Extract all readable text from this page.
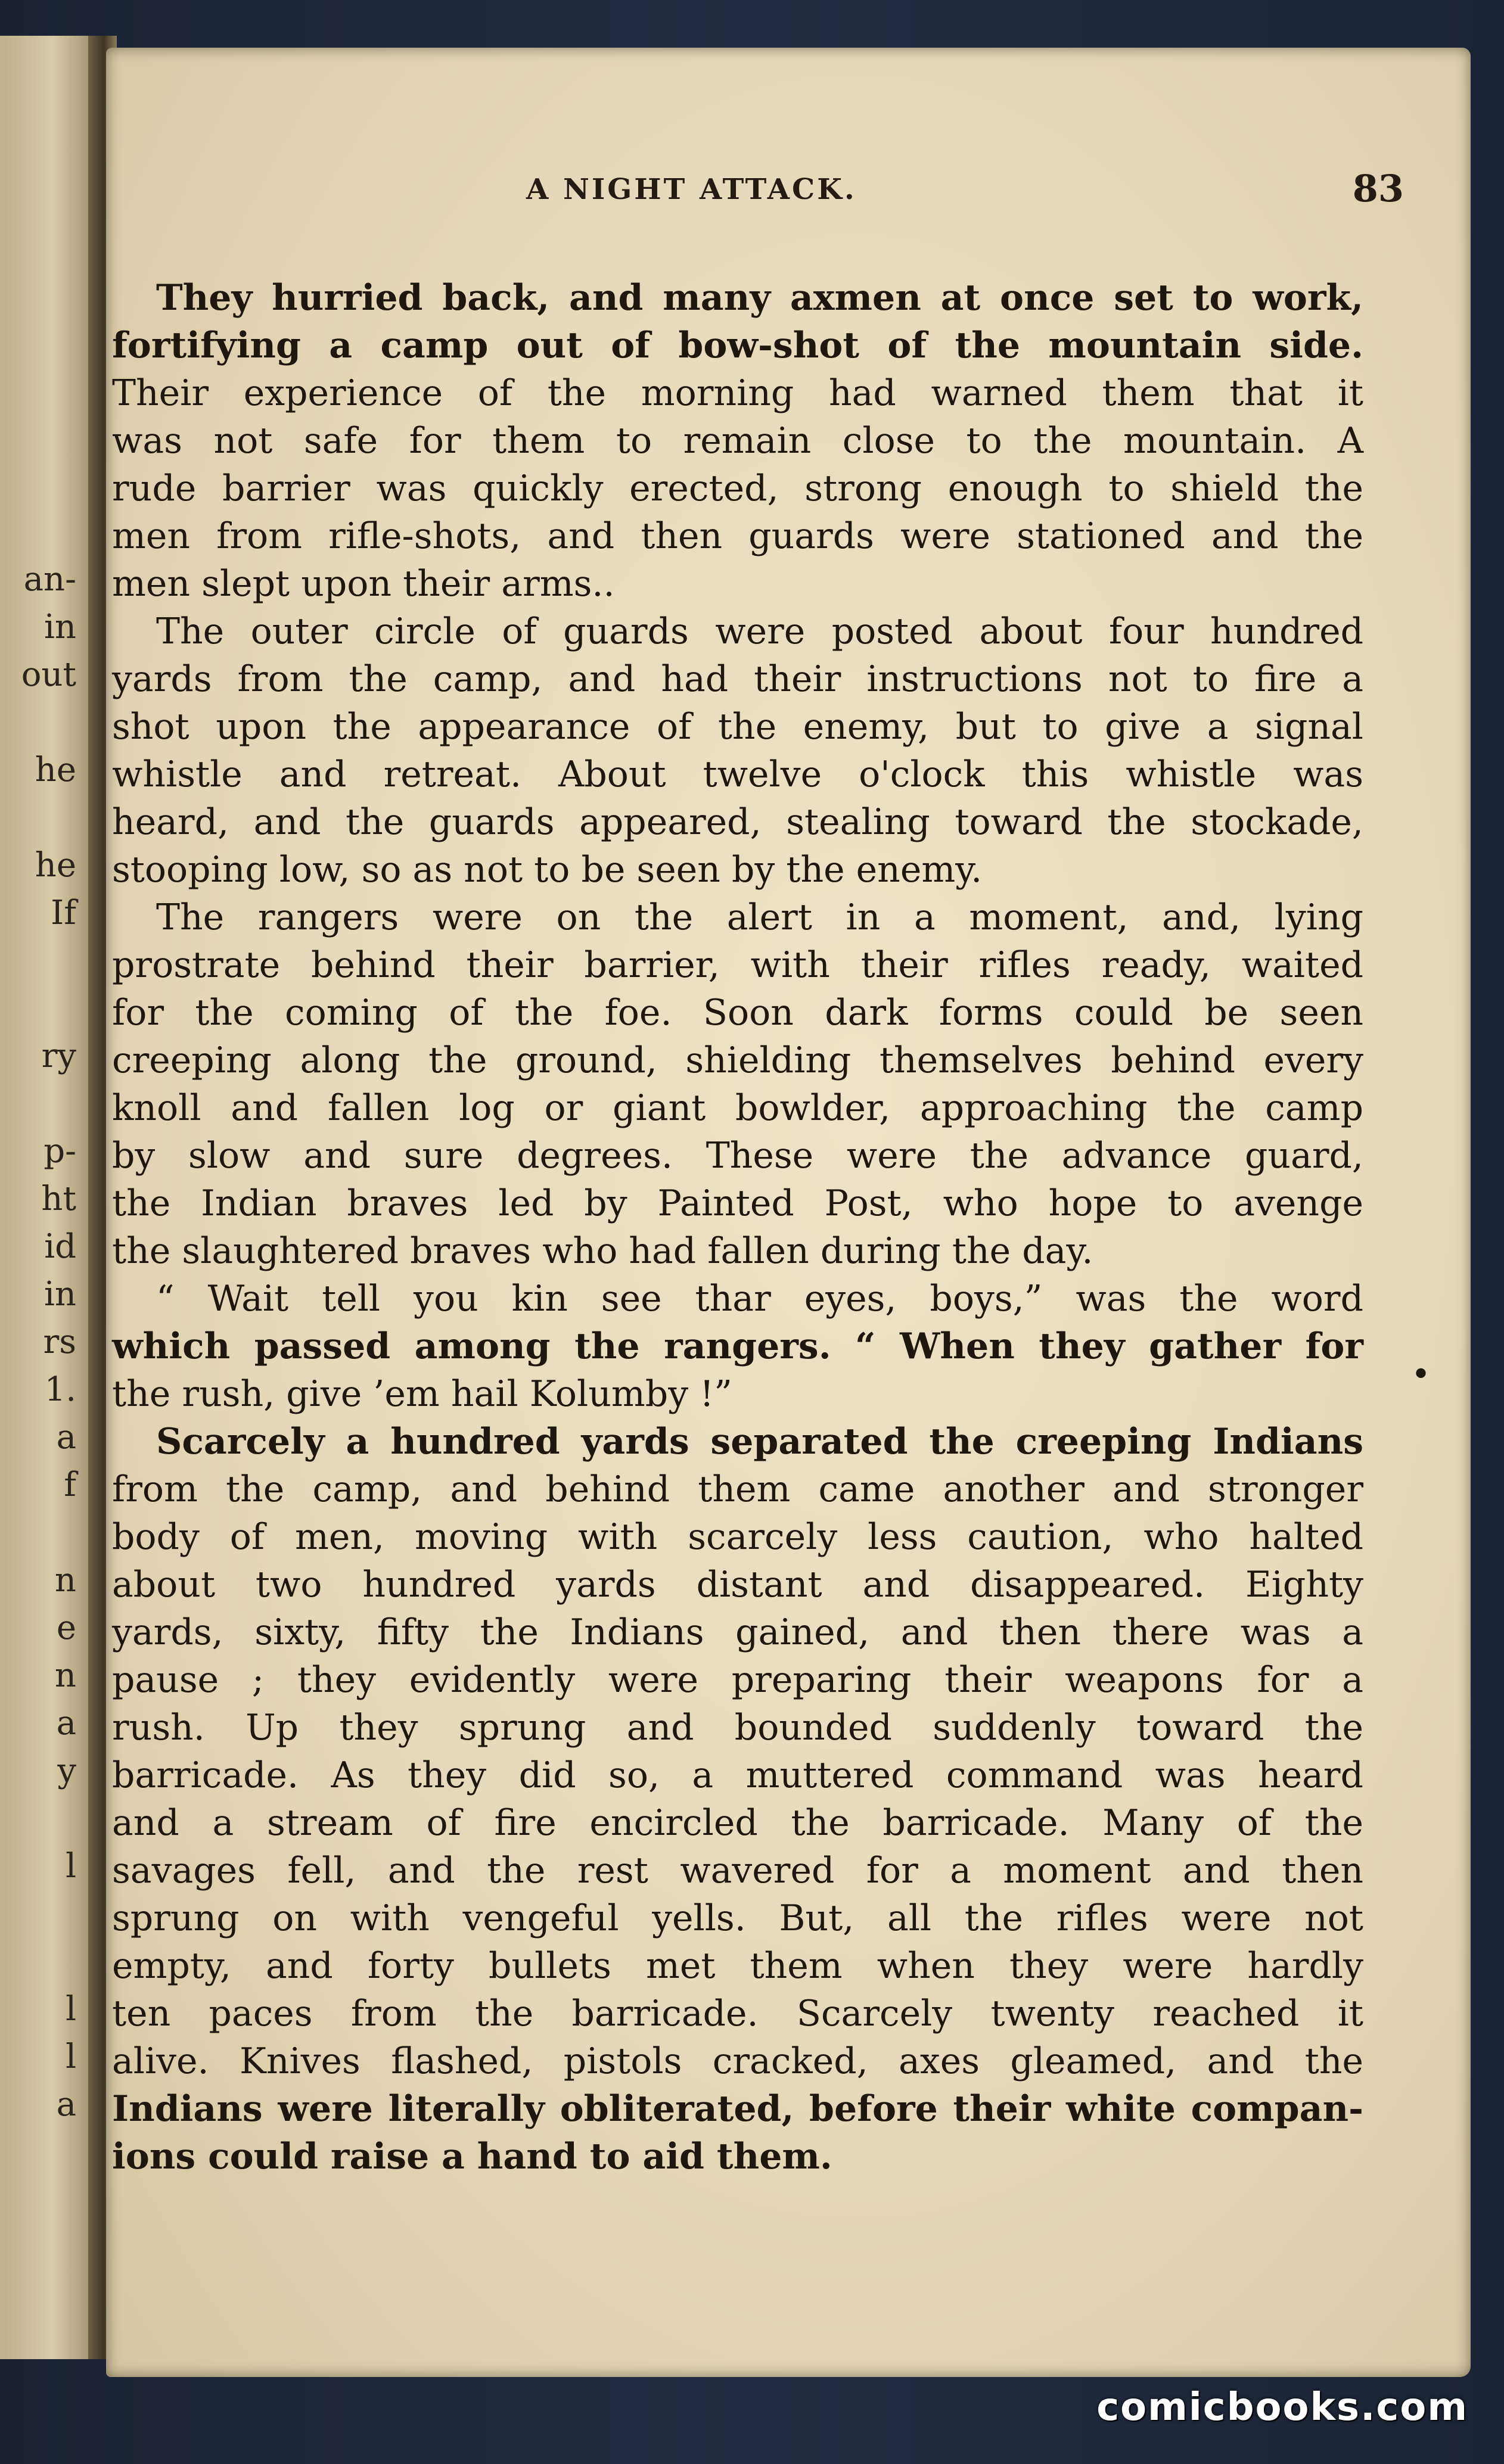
an-
in
out
he
he
If
ry
p-
ht
id
in
rs
1.
a
f
n
e
n
a
y
l
l
l
a
A NIGHT ATTACK.	83
They hurried back, and many axmen at once set to work,
fortifying a camp out of bow-shot of the mountain side.
Their experience of the morning had warned them that it
was not safe for them to remain close to the mountain. A
rude barrier was quickly erected, strong enough to shield the
men from rifle-shots, and then guards were stationed and the
men slept upon their arms..
The outer circle of guards were posted about four hundred
yards from the camp, and had their instructions not to fire a
shot upon the appearance of the enemy, but to give a signal
whistle and retreat. About twelve o'clock this whistle was
heard, and the guards appeared, stealing toward the stockade,
stooping low, so as not to be seen by the enemy.
The rangers were on the alert in a moment, and, lying
prostrate behind their barrier, with their rifles ready, waited
for the coming of the foe. Soon dark forms could be seen
creeping along the ground, shielding themselves behind every
knoll and fallen log or giant bowlder, approaching the camp
by slow and sure degrees. These were the advance guard,
the Indian braves led by Painted Post, who hope to avenge
the slaughtered braves who had fallen during the day.
“ Wait tell you kin see thar eyes, boys,” was the word
which passed among the rangers. “ When they gather for
the rush, give ’em hail Kolumby !”
Scarcely a hundred yards separated the creeping Indians
from the camp, and behind them came another and stronger
body of men, moving with scarcely less caution, who halted
about two hundred yards distant and disappeared. Eighty
yards, sixty, fifty the Indians gained, and then there was a
pause ; they evidently were preparing their weapons for a
rush. Up they sprung and bounded suddenly toward the
barricade. As they did so, a muttered command was heard
and a stream of fire encircled the barricade. Many of the
savages fell, and the rest wavered for a moment and then
sprung on with vengeful yells. But, all the rifles were not
empty, and forty bullets met them when they were hardly
ten paces from the barricade. Scarcely twenty reached it
alive. Knives flashed, pistols cracked, axes gleamed, and the
Indians were literally obliterated, before their white compan-
ions could raise a hand to aid them.
•
comicbooks.com
